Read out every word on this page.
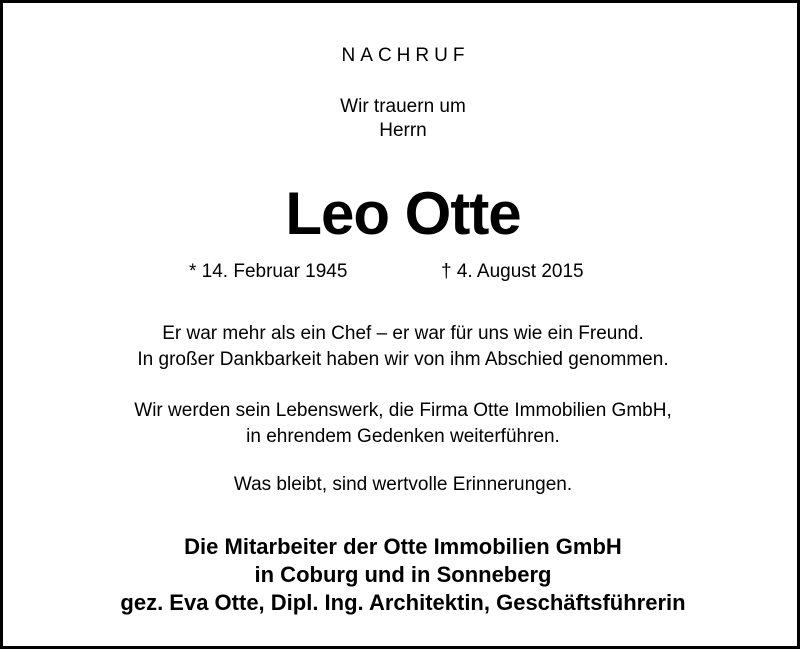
NACHRUF
Wir trauern um
Herrn
Leo Otte
* 14. Februar 1945	† 4. August 2015
Er war mehr als ein Chef – er war für uns wie ein Freund.
In großer Dankbarkeit haben wir von ihm Abschied genommen.
Wir werden sein Lebenswerk, die Firma Otte Immobilien GmbH,
in ehrendem Gedenken weiterführen.
Was bleibt, sind wertvolle Erinnerungen.
Die Mitarbeiter der Otte Immobilien GmbH
in Coburg und in Sonneberg
gez. Eva Otte, Dipl. Ing. Architektin, Geschäftsführerin
